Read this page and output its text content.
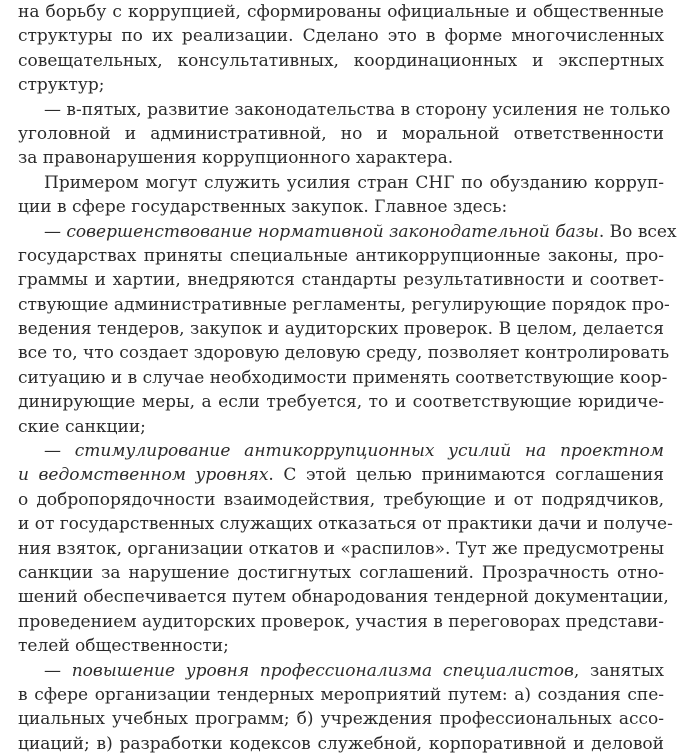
на борьбу с коррупцией, сформированы официальные и общественные
структуры по их реализации. Сделано это в форме многочисленных
совещательных, консультативных, координационных и экспертных
структур;
— в-пятых, развитие законодательства в сторону усиления не только
уголовной и административной, но и моральной ответственности
за правонарушения коррупционного характера.
Примером могут служить усилия стран СНГ по обузданию корруп-
ции в сфере государственных закупок. Главное здесь:
— совершенствование нормативной законодательной базы. Во всех
государствах приняты специальные антикоррупционные законы, про-
граммы и хартии, внедряются стандарты результативности и соответ-
ствующие административные регламенты, регулирующие порядок про-
ведения тендеров, закупок и аудиторских проверок. В целом, делается
все то, что создает здоровую деловую среду, позволяет контролировать
ситуацию и в случае необходимости применять соответствующие коор-
динирующие меры, а если требуется, то и соответствующие юридиче-
ские санкции;
— стимулирование антикоррупционных усилий на проектном
и ведомственном уровнях. С этой целью принимаются соглашения
о добропорядочности взаимодействия, требующие и от подрядчиков,
и от государственных служащих отказаться от практики дачи и получе-
ния взяток, организации откатов и «распилов». Тут же предусмотрены
санкции за нарушение достигнутых соглашений. Прозрачность отно-
шений обеспечивается путем обнародования тендерной документации,
проведением аудиторских проверок, участия в переговорах представи-
телей общественности;
— повышение уровня профессионализма специалистов, занятых
в сфере организации тендерных мероприятий путем: а) создания спе-
циальных учебных программ; б) учреждения профессиональных ассо-
циаций; в) разработки кодексов служебной, корпоративной и деловой
